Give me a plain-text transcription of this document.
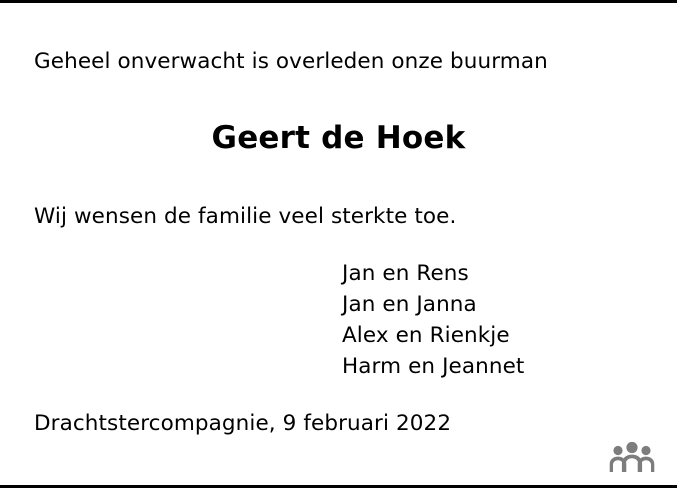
Geheel onverwacht is overleden onze buurman

Geert de Hoek

Wij wensen de familie veel sterkte toe.

Jan en Rens
Jan en Janna
Alex en Rienkje
Harm en Jeannet

Drachtstercompagnie, 9 februari 2022
